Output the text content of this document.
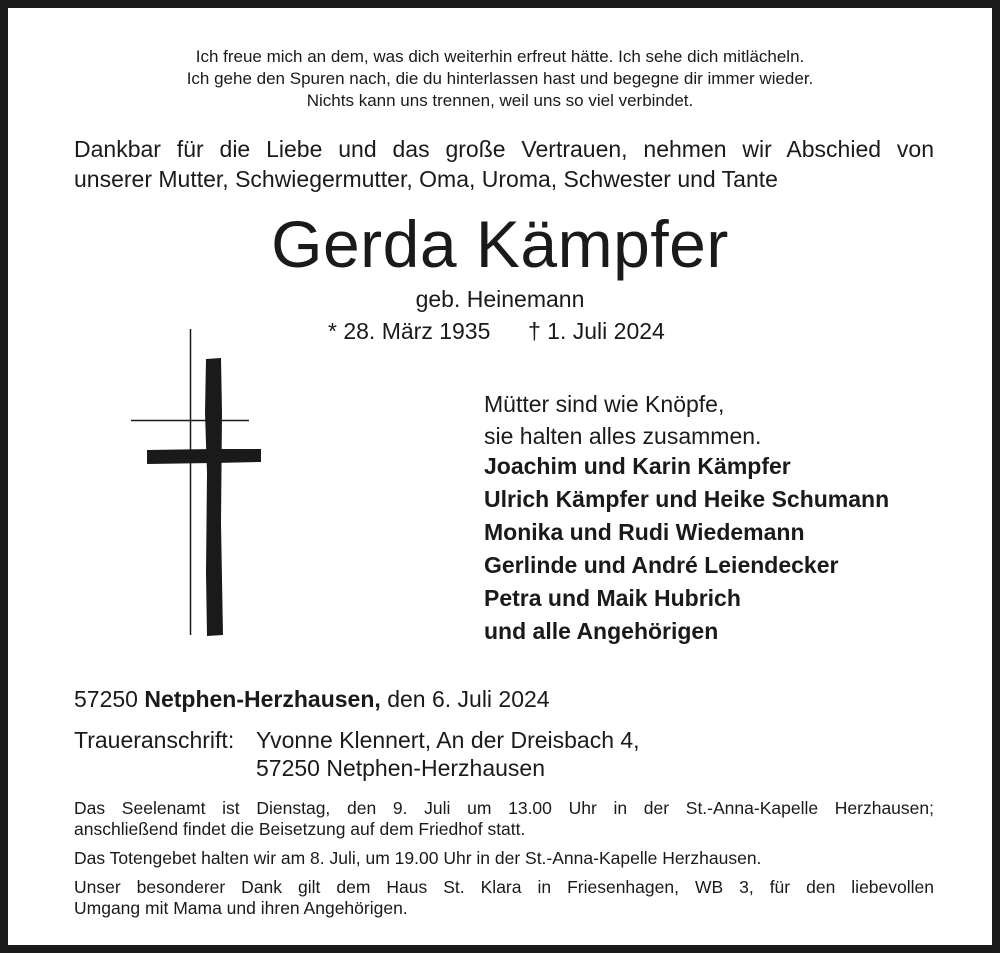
Ich freue mich an dem, was dich weiterhin erfreut hätte. Ich sehe dich mitlächeln.
Ich gehe den Spuren nach, die du hinterlassen hast und begegne dir immer wieder.
Nichts kann uns trennen, weil uns so viel verbindet.
Dankbar für die Liebe und das große Vertrauen, nehmen wir Abschied von
unserer Mutter, Schwiegermutter, Oma, Uroma, Schwester und Tante
Gerda Kämpfer
geb. Heinemann
* 28. März 1935 † 1. Juli 2024
Mütter sind wie Knöpfe,
sie halten alles zusammen.
Joachim und Karin Kämpfer
Ulrich Kämpfer und Heike Schumann
Monika und Rudi Wiedemann
Gerlinde und André Leiendecker
Petra und Maik Hubrich
und alle Angehörigen
57250 Netphen-Herzhausen, den 6. Juli 2024
Traueranschrift: Yvonne Klennert, An der Dreisbach 4,
57250 Netphen-Herzhausen
Das Seelenamt ist Dienstag, den 9. Juli um 13.00 Uhr in der St.-Anna-Kapelle Herzhausen;
anschließend findet die Beisetzung auf dem Friedhof statt.
Das Totengebet halten wir am 8. Juli, um 19.00 Uhr in der St.-Anna-Kapelle Herzhausen.
Unser besonderer Dank gilt dem Haus St. Klara in Friesenhagen, WB 3, für den liebevollen
Umgang mit Mama und ihren Angehörigen.
